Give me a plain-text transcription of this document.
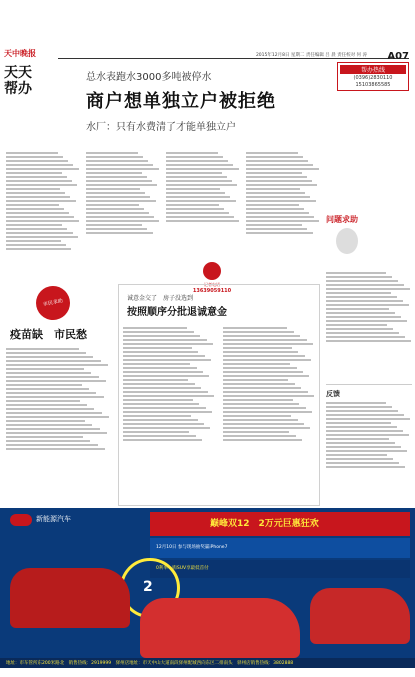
天中晚报
天天
帮办
2015年12月8日 星期二 责任编辑 吕 晨 责任校对 何 涛 A07
总水表跑水3000多吨被停水
商户想单独立户被拒绝
水厂：只有水费清了才能单独立户
帮办热线
(0396)2830110
15103865585
市民求助
疫苗缺　市民愁
记者电话
13639059110
诚意金交了　房子没选到
按照顺序分批退诚意金
问题求助
反馈
新能源汽车	巅峰双12　2万元巨惠狂欢
12月10日 参与现场抽奖赢iPhone7
0利率　购SUV享最低首付
2
地址：市车管所东200米路北　销售热线：2919999　驿州店地址：市天中山大道南段驿州配城西向东区二排南头　驿州店销售热线：3802888
